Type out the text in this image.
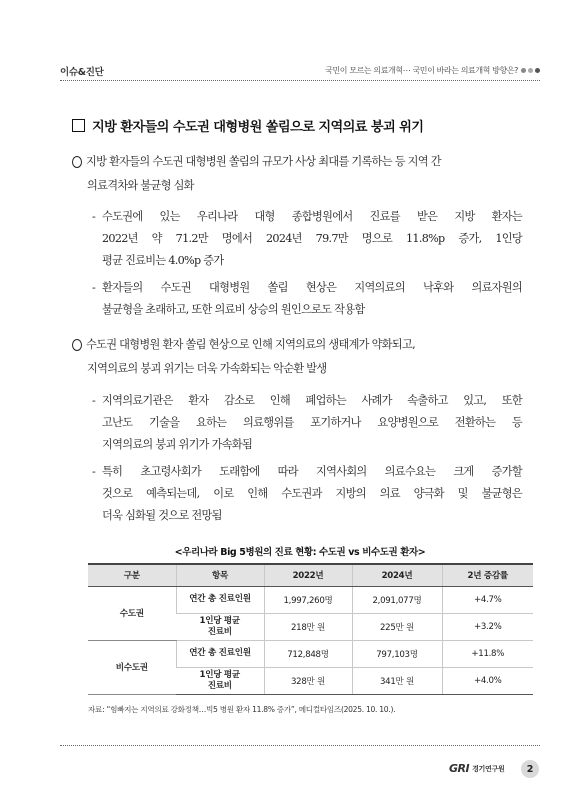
이슈&진단	국민이 모르는 의료개혁⋯ 국민이 바라는 의료개혁 방향은?
지방 환자들의 수도권 대형병원 쏠림으로 지역의료 붕괴 위기
지방 환자들의 수도권 대형병원 쏠림의 규모가 사상 최대를 기록하는 등 지역 간
의료격차와 불균형 심화
- 수도권에 있는 우리나라 대형 종합병원에서 진료를 받은 지방 환자는
2022년 약 71.2만 명에서 2024년 79.7만 명으로 11.8%p 증가, 1인당
평균 진료비는 4.0%p 증가
- 환자들의 수도권 대형병원 쏠림 현상은 지역의료의 낙후와 의료자원의
불균형을 초래하고, 또한 의료비 상승의 원인으로도 작용함
수도권 대형병원 환자 쏠림 현상으로 인해 지역의료의 생태계가 약화되고,
지역의료의 붕괴 위기는 더욱 가속화되는 악순환 발생
- 지역의료기관은 환자 감소로 인해 폐업하는 사례가 속출하고 있고, 또한
고난도 기술을 요하는 의료행위를 포기하거나 요양병원으로 전환하는 등
지역의료의 붕괴 위기가 가속화됨
- 특히 초고령사회가 도래함에 따라 지역사회의 의료수요는 크게 증가할
것으로 예측되는데, 이로 인해 수도권과 지방의 의료 양극화 및 불균형은
더욱 심화될 것으로 전망됨
<우리나라 Big 5병원의 진료 현황: 수도권 vs 비수도권 환자>
구분	항목	2022년	2024년	2년 증감률
수도권	연간 총 진료인원	1,997,260명	2,091,077명	+4.7%
	1인당 평균
진료비	218만 원	225만 원	+3.2%
비수도권	연간 총 진료인원	712,848명	797,103명	+11.8%
	1인당 평균
진료비	328만 원	341만 원	+4.0%
자료: “힘빠지는 지역의료 강화정책…빅5 병원 환자 11.8% 증가”, 메디컬타임즈(2025. 10. 10.).
GRI 경기연구원	2
